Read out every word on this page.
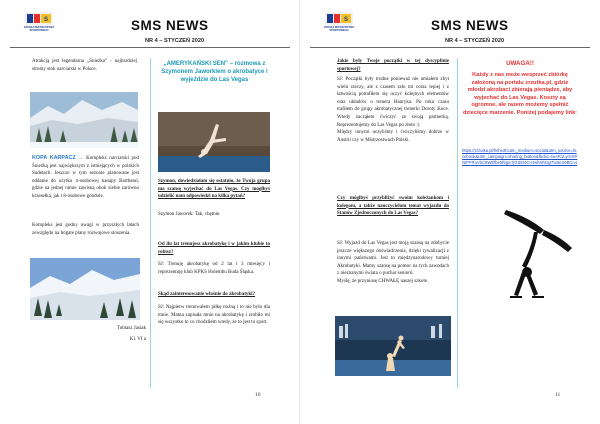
S
SZKOŁA MISTRZOSTWA SPORTOWEGO	SMS NEWS
NR 4 – STYCZEŃ 2020
Atrakcją jest legendarna „Śnieżka” - najbardziej stromy stok narciarski w Polsce.
KOPA KARPACZ → Kompleks narciarski pod Śnieżką jest największym z istniejących w polskich Sudetach. Jeszcze w tym sezonie planowane jest oddanie do użytku 4-osobowej kanapy Bartbatul, gdzie na jednej ramie zawisną obok siebie zarówno krzesełka, jak i 8-osobowe gondole.
Kompleks jest godny uwagi w przyszłych latach zewzględu na bogate plany rozwojowe stoszenia.
Tobiasz Jasiak
Kl. VI a
„AMERYKAŃSKI SEN” – rozmowa z Szymonem Jaworkiem o akrobatyce i wyjeździe do Las Vegas
Szymon, dowiedziałam się ostatnio, że Twoja grupa ma szansę wyjechać do Las Vegas. Czy mógłbyś udzielić nam odpowiedzi na kilka pytań?
Szymon Jaworek: Tak, chętnie.
Od ilu lat trenujesz akrobatykę i w jakim klubie to robisz?
SJ: Trenuję akrobatykę od 2 lat i 3 miesięcy i reprezentuję klub KPKS Holembu Buda Śląska.
Skąd zainteresowanie właśnie do akrobatyki?
SJ: Najpierw trenowałem piłkę nożną i to nie było dla mnie. Mama zapisała mnie na akrobatykę i zrobiło mi się wszystko to co chodziłem wtedy, że to jest to sport.
10
S
SZKOŁA MISTRZOSTWA SPORTOWEGO	SMS NEWS
NR 4 – STYCZEŃ 2020
Jakie były Twoje początki w tej dyscyplinie sportowej?
SJ: Początki były trudne ponieważ nie umiałem zbyt wielu rzeczy, ale z czasem szło mi coraz lepiej i z łatwością potrafiłem się uczyć kolejnych elementów oraz układów u trenera Hanryka. Po roku czasu trafiłem do grupy akrobatycznej trenerki Doroty Koce. Wtedy zacząłem ćwiczyć ze swoją partnerką. Reprezentujemy do Las Vegas po złoto :)
Między innymi uczyliśmy i ćwiczyliśmy dobrze w Austrii czy w Mistrzostwach Polski.
Czy mógłbyś przybliżyć swoim koleżankom i kolegom, a także nauczycielom temat wyjazdu do Stanów Zjednoczonych do Las Vegas?
SJ: Wyjazd do Las Vegas jest moją szansą na zdobycie jeszcze większego doświadczenia, dzięki rywalizacji z innymi państwami. Jest to międzynarodowy turniej Akrobatyki. Mamy szansę na pomoc na tych zawodach z nieznanymi świata o puchar senioró.
Myślę, że przyniosę CHWAŁĘ naszej szkole.
UWAGA!!
Każdy z nas może wesprzeć zbiórkę założoną na portalu zrzutka.pl, gdzie młodzi akrobaci zbierają pieniądze, aby wyjechać do Las Vegas. Koszty są ogromne, ale razem możemy spełnić dziecięce marzenie. Poniżej podajemy link:
https://zrzutka.pl/fmhe2fcutm_medium=social&utm_source=facebook&utm_campaign=sharing_button&fbclid=IwAR1LyrSSPNtPFRoVbC8WEfbe5f5jpv7jGS5r0G-HwhNhGgtTuBeX0BCn4
11
